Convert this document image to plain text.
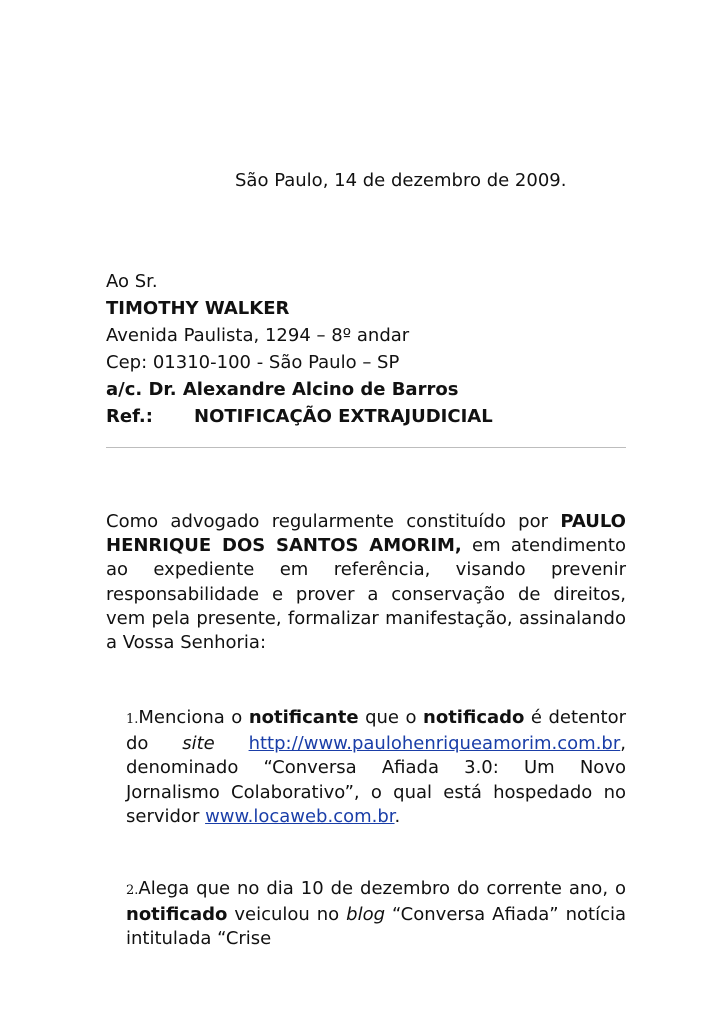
São Paulo, 14 de dezembro de 2009.
Ao Sr.
TIMOTHY WALKER
Avenida Paulista, 1294 – 8º andar
Cep: 01310-100 - São Paulo – SP
a/c. Dr. Alexandre Alcino de Barros
Ref.: NOTIFICAÇÃO EXTRAJUDICIAL

Como advogado regularmente constituído por PAULO HENRIQUE DOS SANTOS AMORIM, em atendimento ao expediente em referência, visando prevenir responsabilidade e prover a conservação de direitos, vem pela presente, formalizar manifestação, assinalando a Vossa Senhoria:

1.Menciona o notificante que o notificado é detentor do site http://www.paulohenriqueamorim.com.br, denominado “Conversa Afiada 3.0: Um Novo Jornalismo Colaborativo”, o qual está hospedado no servidor www.locaweb.com.br.

2.Alega que no dia 10 de dezembro do corrente ano, o notificado veiculou no blog “Conversa Afiada” notícia intitulada “Crise
